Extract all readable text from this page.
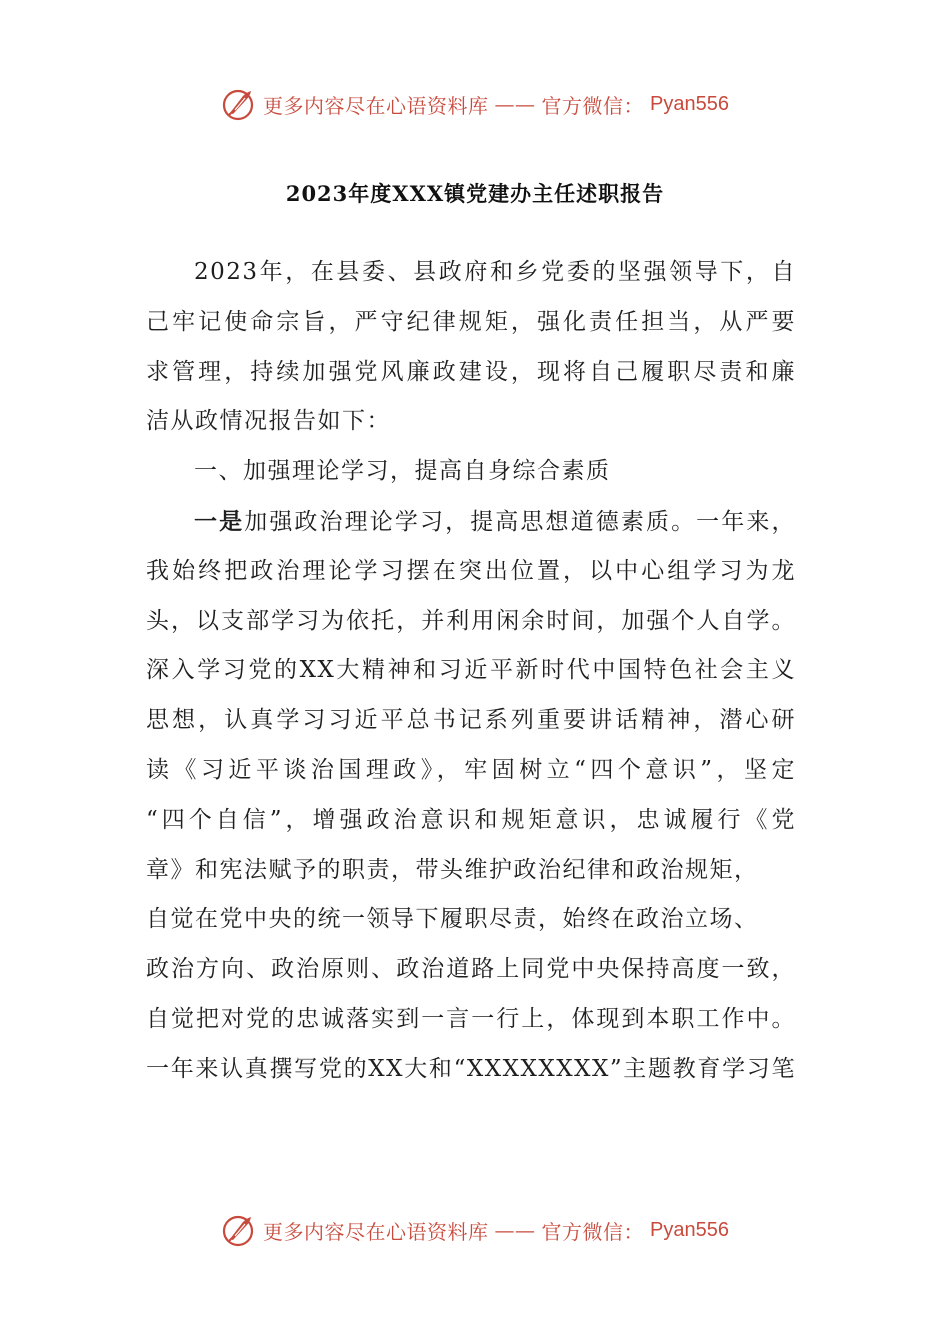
更多内容尽在心语资料库 —— 官方微信： Pyan556
2023年度XXX镇党建办主任述职报告
2023年，在县委、县政府和乡党委的坚强领导下，自
己牢记使命宗旨，严守纪律规矩，强化责任担当，从严要
求管理，持续加强党风廉政建设，现将自己履职尽责和廉
洁从政情况报告如下：
一、加强理论学习，提高自身综合素质
一是加强政治理论学习，提高思想道德素质。一年来，
我始终把政治理论学习摆在突出位置，以中心组学习为龙
头，以支部学习为依托，并利用闲余时间，加强个人自学。
深入学习党的XX大精神和习近平新时代中国特色社会主义
思想，认真学习习近平总书记系列重要讲话精神，潜心研
读《习近平谈治国理政》，牢固树立“四个意识”，坚定
“四个自信”，增强政治意识和规矩意识，忠诚履行《党
章》和宪法赋予的职责，带头维护政治纪律和政治规矩，
自觉在党中央的统一领导下履职尽责，始终在政治立场、
政治方向、政治原则、政治道路上同党中央保持高度一致，
自觉把对党的忠诚落实到一言一行上，体现到本职工作中。
一年来认真撰写党的XX大和“XXXXXXXX”主题教育学习笔
更多内容尽在心语资料库 —— 官方微信： Pyan556
